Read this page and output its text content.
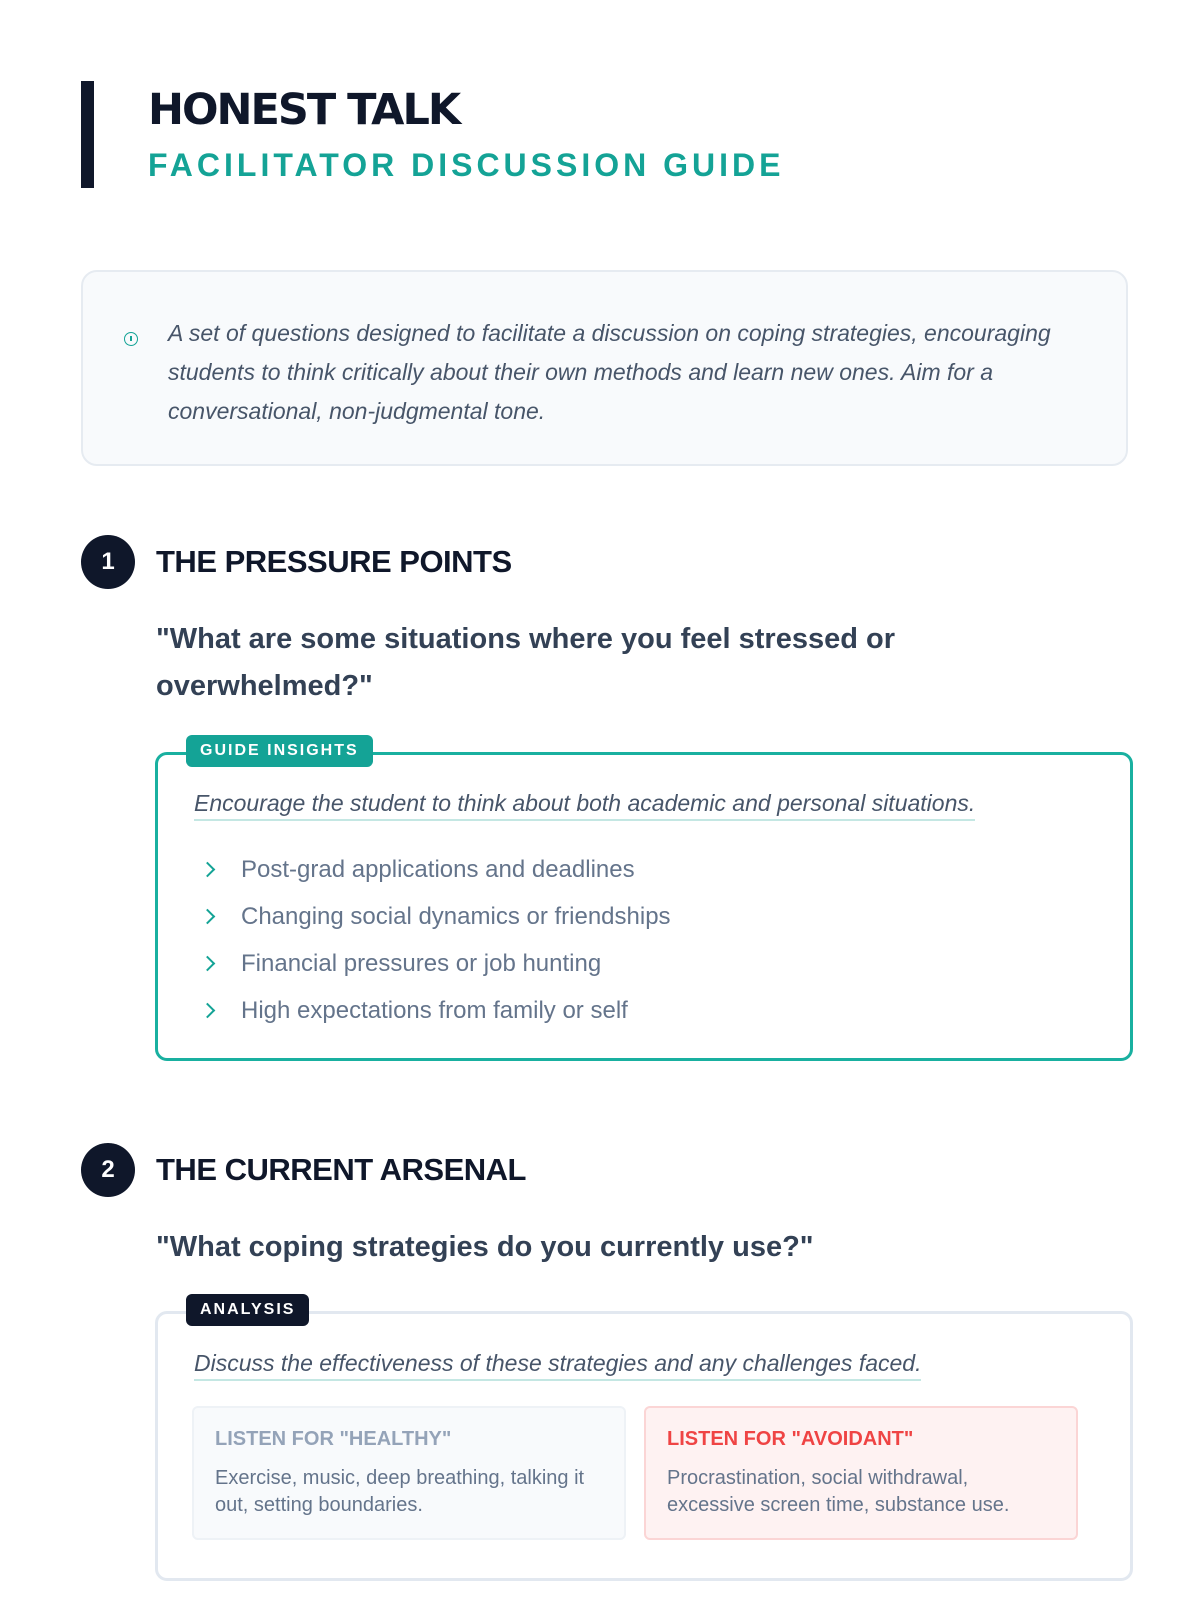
HONEST TALK
FACILITATOR DISCUSSION GUIDE

A set of questions designed to facilitate a discussion on coping strategies, encouraging students to think critically about their own methods and learn new ones. Aim for a conversational, non-judgmental tone.

1	THE PRESSURE POINTS

"What are some situations where you feel stressed or overwhelmed?"

GUIDE INSIGHTS

Encourage the student to think about both academic and personal situations.

Post-grad applications and deadlines
Changing social dynamics or friendships
Financial pressures or job hunting
High expectations from family or self
2	THE CURRENT ARSENAL

"What coping strategies do you currently use?"

ANALYSIS

Discuss the effectiveness of these strategies and any challenges faced.

LISTEN FOR "HEALTHY"
Exercise, music, deep breathing, talking it out, setting boundaries.
LISTEN FOR "AVOIDANT"
Procrastination, social withdrawal, excessive screen time, substance use.
